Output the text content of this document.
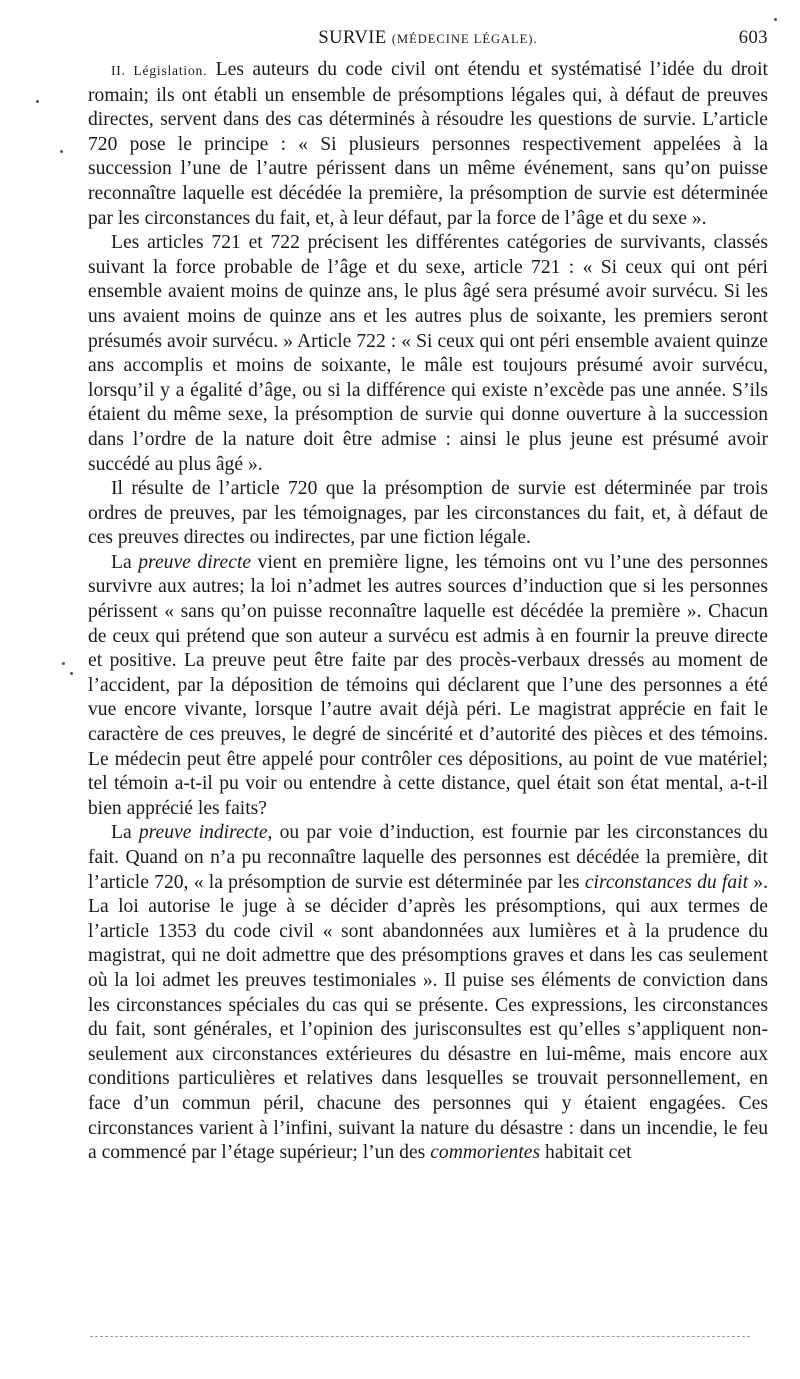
SURVIE (MÉDECINE LÉGALE).	603

II. Législation. Les auteurs du code civil ont étendu et systématisé l’idée du droit romain; ils ont établi un ensemble de présomptions légales qui, à défaut de preuves directes, servent dans des cas déterminés à résoudre les questions de survie. L’article 720 pose le principe : « Si plusieurs personnes respectivement appelées à la succession l’une de l’autre périssent dans un même événement, sans qu’on puisse reconnaître laquelle est décédée la première, la présomption de survie est déterminée par les circonstances du fait, et, à leur défaut, par la force de l’âge et du sexe ».

Les articles 721 et 722 précisent les différentes catégories de survivants, classés suivant la force probable de l’âge et du sexe, article 721 : « Si ceux qui ont péri ensemble avaient moins de quinze ans, le plus âgé sera présumé avoir survécu. Si les uns avaient moins de quinze ans et les autres plus de soixante, les premiers seront présumés avoir survécu. » Article 722 : « Si ceux qui ont péri ensemble avaient quinze ans accomplis et moins de soixante, le mâle est toujours présumé avoir survécu, lorsqu’il y a égalité d’âge, ou si la différence qui existe n’excède pas une année. S’ils étaient du même sexe, la présomption de survie qui donne ouverture à la succession dans l’ordre de la nature doit être admise : ainsi le plus jeune est présumé avoir succédé au plus âgé ».

Il résulte de l’article 720 que la présomption de survie est déterminée par trois ordres de preuves, par les témoignages, par les circonstances du fait, et, à défaut de ces preuves directes ou indirectes, par une fiction légale.

La preuve directe vient en première ligne, les témoins ont vu l’une des personnes survivre aux autres; la loi n’admet les autres sources d’induction que si les personnes périssent « sans qu’on puisse reconnaître laquelle est décédée la première ». Chacun de ceux qui prétend que son auteur a survécu est admis à en fournir la preuve directe et positive. La preuve peut être faite par des procès-verbaux dressés au moment de l’accident, par la déposition de témoins qui déclarent que l’une des personnes a été vue encore vivante, lorsque l’autre avait déjà péri. Le magistrat apprécie en fait le caractère de ces preuves, le degré de sincérité et d’autorité des pièces et des témoins. Le médecin peut être appelé pour contrôler ces dépositions, au point de vue matériel; tel témoin a-t-il pu voir ou entendre à cette distance, quel était son état mental, a-t-il bien apprécié les faits?

La preuve indirecte, ou par voie d’induction, est fournie par les circonstances du fait. Quand on n’a pu reconnaître laquelle des personnes est décédée la première, dit l’article 720, « la présomption de survie est déterminée par les circonstances du fait ». La loi autorise le juge à se décider d’après les présomptions, qui aux termes de l’article 1353 du code civil « sont abandonnées aux lumières et à la prudence du magistrat, qui ne doit admettre que des présomptions graves et dans les cas seulement où la loi admet les preuves testimoniales ». Il puise ses éléments de conviction dans les circonstances spéciales du cas qui se présente. Ces expressions, les circonstances du fait, sont générales, et l’opinion des jurisconsultes est qu’elles s’appliquent non-seulement aux circonstances extérieures du désastre en lui-même, mais encore aux conditions particulières et relatives dans lesquelles se trouvait personnellement, en face d’un commun péril, chacune des personnes qui y étaient engagées. Ces circonstances varient à l’infini, suivant la nature du désastre : dans un incendie, le feu a commencé par l’étage supérieur; l’un des commorientes habitait cet
